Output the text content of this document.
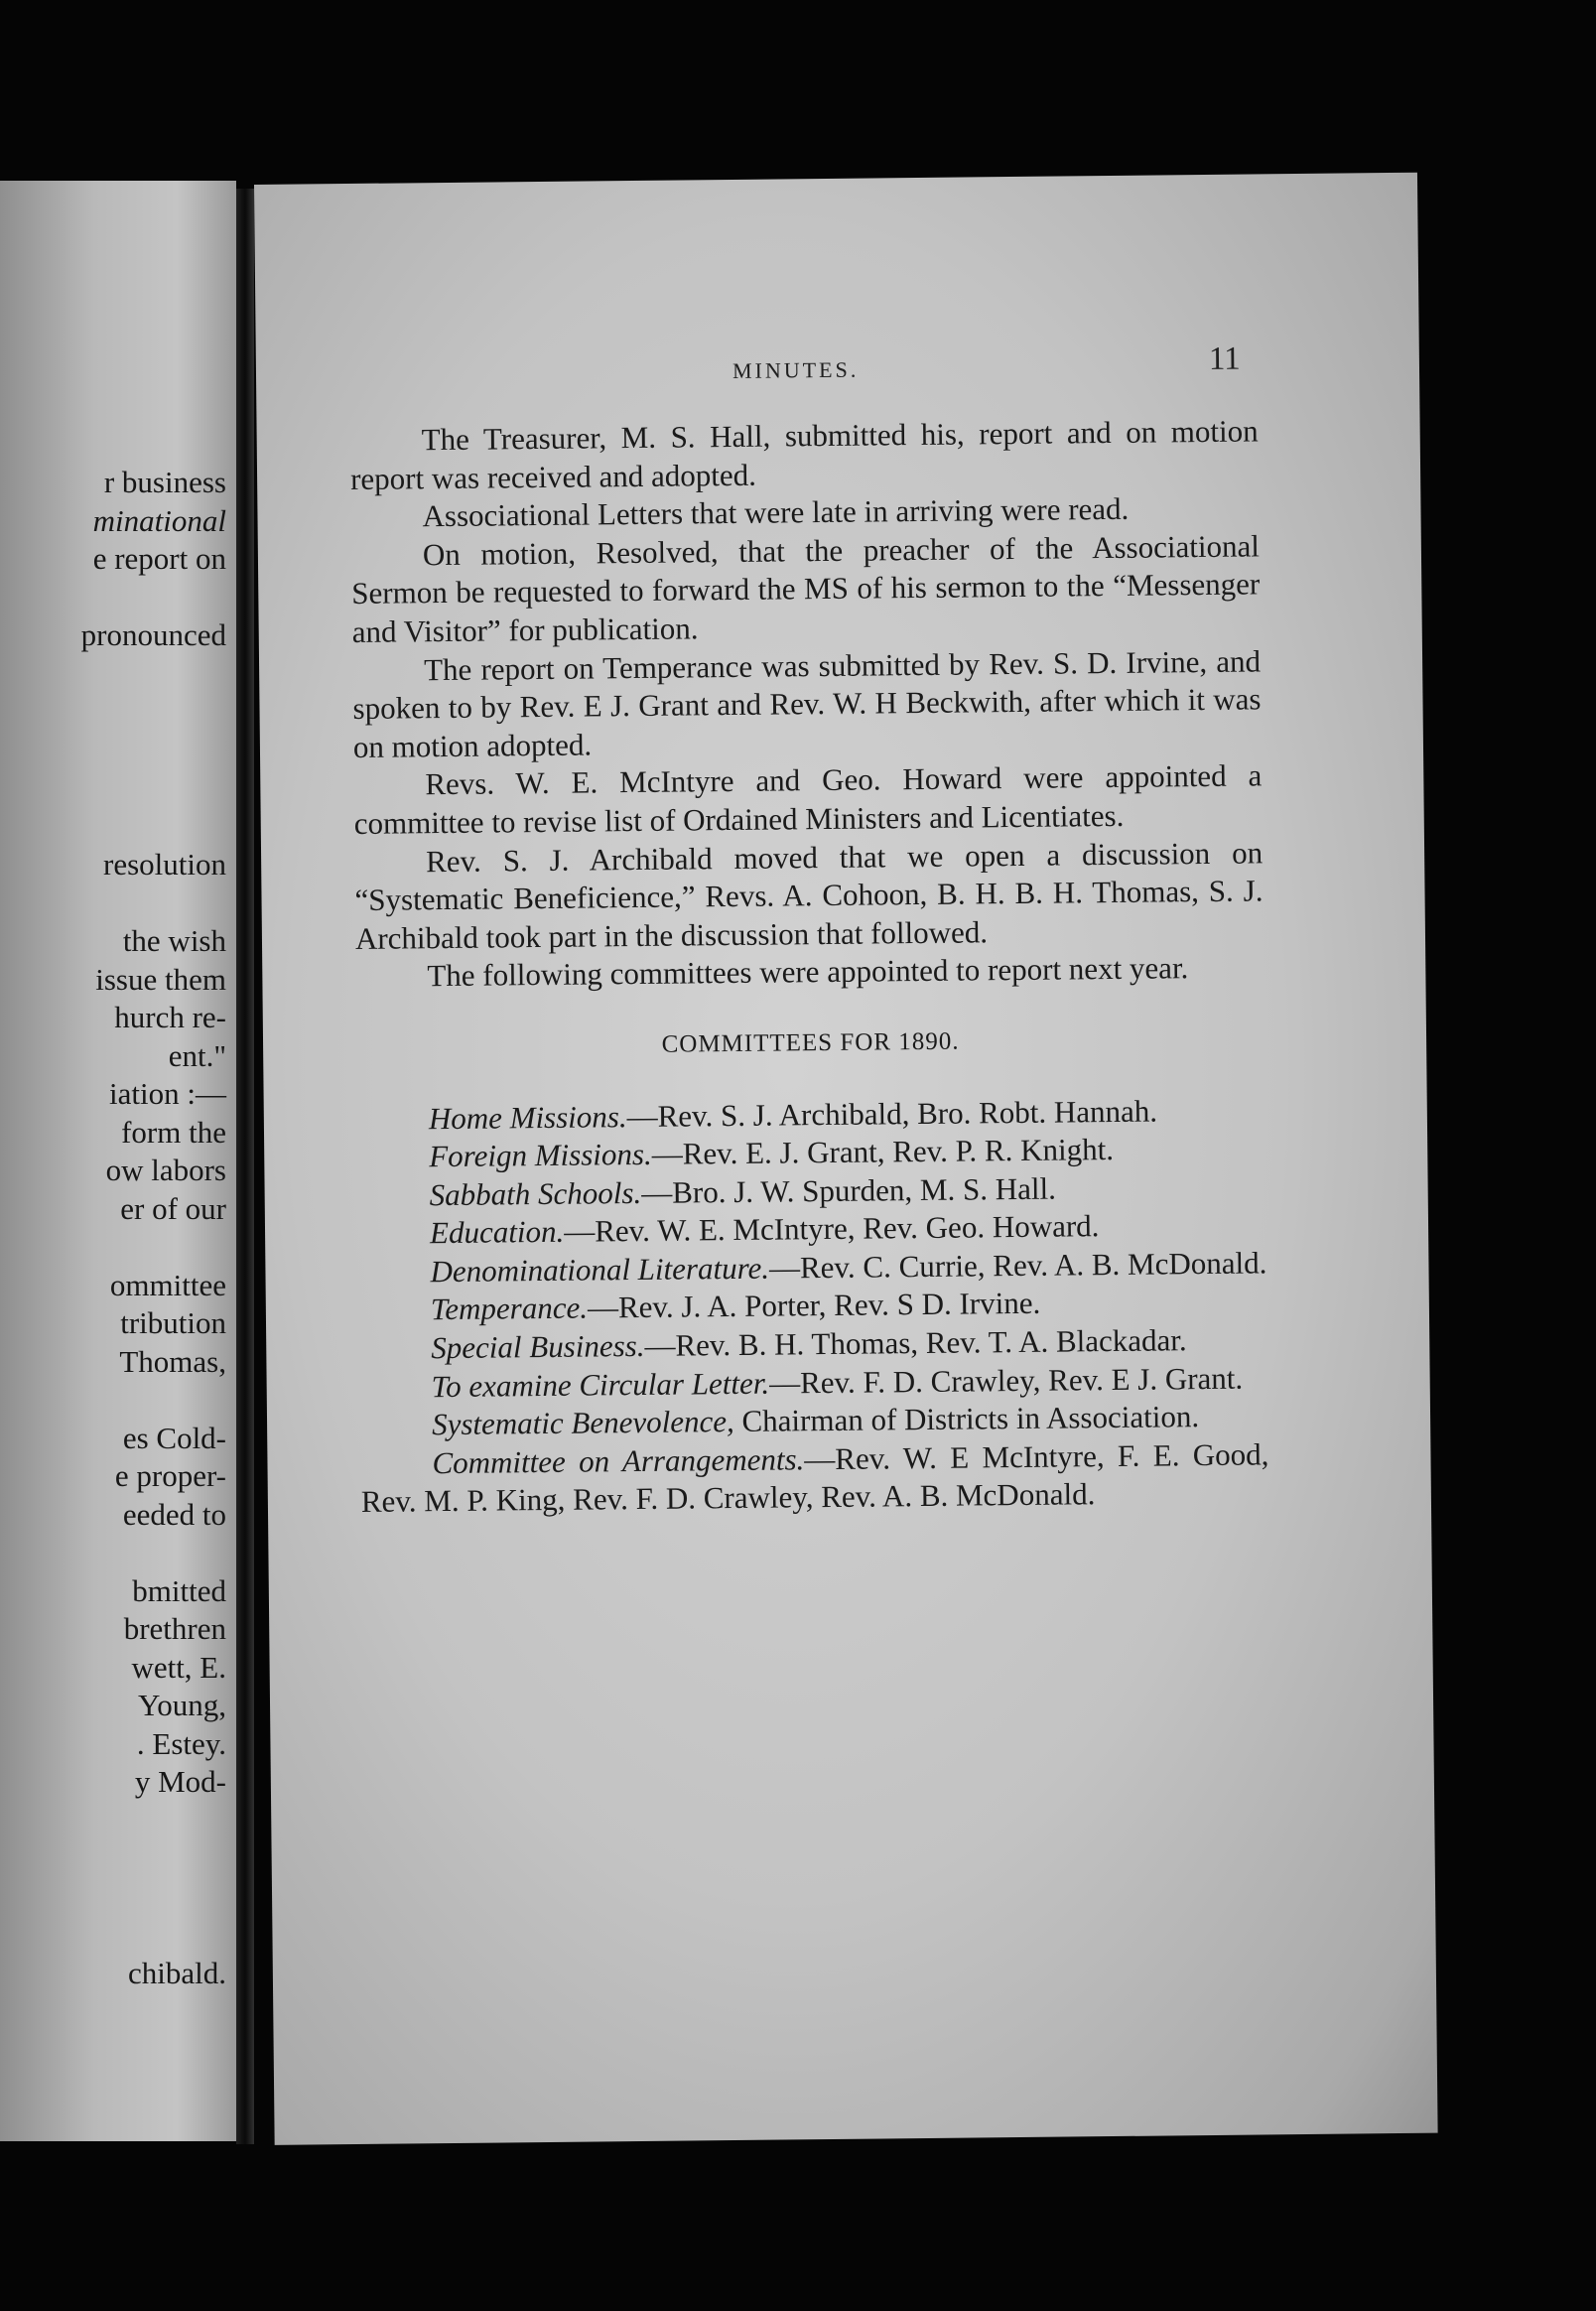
r business
minational
e report on
pronounced
resolution
the wish
issue them
hurch re-
ent."
iation :—
form the
ow labors
er of our
ommittee
tribution
Thomas,
es Cold-
e proper-
eeded to
bmitted
brethren
wett, E.
Young,
. Estey.
y Mod-
chibald.
MINUTES.	11

The Treasurer, M. S. Hall, submitted his, report and on motion report was received and adopted.

Associational Letters that were late in arriving were read.

On motion, Resolved, that the preacher of the Associational Sermon be requested to forward the MS of his sermon to the “Messenger and Visitor” for publication.

The report on Temperance was submitted by Rev. S. D. Irvine, and spoken to by Rev. E J. Grant and Rev. W. H Beckwith, after which it was on motion adopted.

Revs. W. E. McIntyre and Geo. Howard were appointed a committee to revise list of Ordained Ministers and Licentiates.

Rev. S. J. Archibald moved that we open a discussion on “Systematic Beneficience,” Revs. A. Cohoon, B. H. B. H. Thomas, S. J. Archibald took part in the discussion that followed.

The following committees were appointed to report next year.

COMMITTEES FOR 1890.

Home Missions.—Rev. S. J. Archibald, Bro. Robt. Hannah.

Foreign Missions.—Rev. E. J. Grant, Rev. P. R. Knight.

Sabbath Schools.—Bro. J. W. Spurden, M. S. Hall.

Education.—Rev. W. E. McIntyre, Rev. Geo. Howard.

Denominational Literature.—Rev. C. Currie, Rev. A. B. McDonald.

Temperance.—Rev. J. A. Porter, Rev. S D. Irvine.

Special Business.—Rev. B. H. Thomas, Rev. T. A. Blackadar.

To examine Circular Letter.—Rev. F. D. Crawley, Rev. E J. Grant.

Systematic Benevolence, Chairman of Districts in Association.

Committee on Arrangements.—Rev. W. E McIntyre, F. E. Good, Rev. M. P. King, Rev. F. D. Crawley, Rev. A. B. McDonald.
